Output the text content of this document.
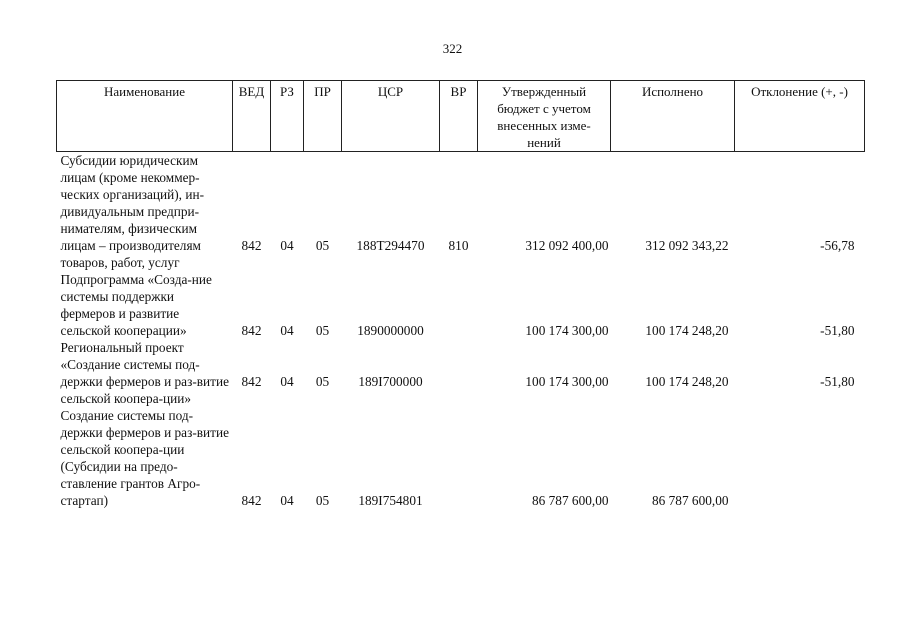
322
Наименование	ВЕД	РЗ	ПР	ЦСР	ВР	Утвержденный бюджет с учетом внесенных изме-нений	Исполнено	Отклонение (+, -)
Субсидии юридическим лицам (кроме некоммер-ческих организаций), ин-дивидуальным предпри-нимателям, физическим лицам – производителям товаров, работ, услуг	842	04	05	188T294470	810	312 092 400,00	312 092 343,22	-56,78
Подпрограмма «Созда-ние системы поддержки фермеров и развитие сельской кооперации»	842	04	05	1890000000		100 174 300,00	100 174 248,20	-51,80
Региональный проект «Создание системы под-держки фермеров и раз-витие сельской коопера-ции»	842	04	05	189I700000		100 174 300,00	100 174 248,20	-51,80
Создание системы под-держки фермеров и раз-витие сельской коопера-ции (Субсидии на предо-ставление грантов Агро-стартап)	842	04	05	189I754801		86 787 600,00	86 787 600,00	
